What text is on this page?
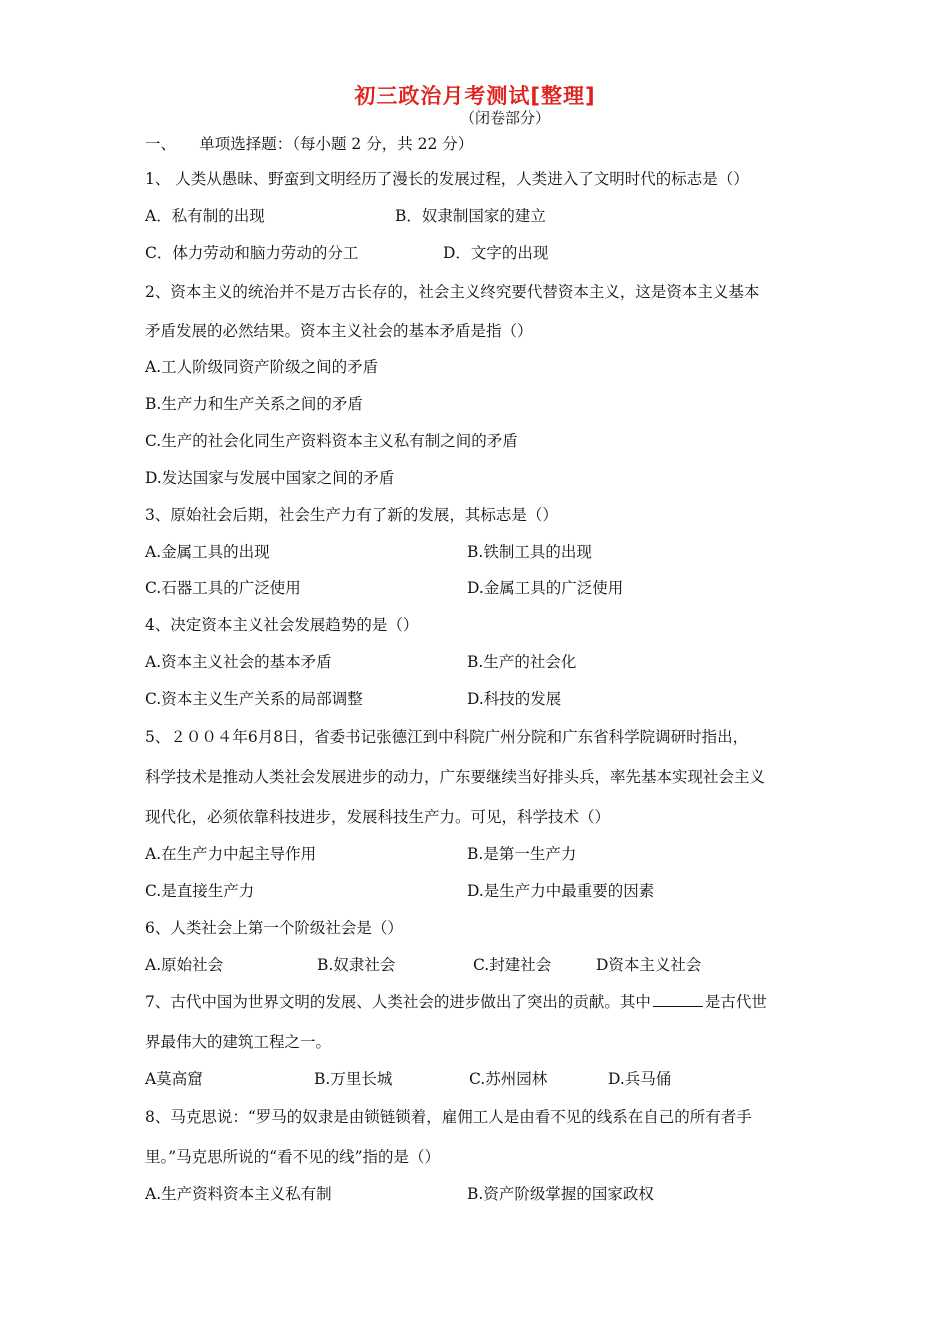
初三政治月考测试[整理]
（闭卷部分）
一、　　单项选择题：（每小题 2 分，共 22 分）
1、 人类从愚昧、野蛮到文明经历了漫长的发展过程，人类进入了文明时代的标志是（）
A．私有制的出现	B．奴隶制国家的建立
C．体力劳动和脑力劳动的分工	D．文字的出现
2、资本主义的统治并不是万古长存的，社会主义终究要代替资本主义，这是资本主义基本
矛盾发展的必然结果。资本主义社会的基本矛盾是指（）
A.工人阶级同资产阶级之间的矛盾
B.生产力和生产关系之间的矛盾
C.生产的社会化同生产资料资本主义私有制之间的矛盾
D.发达国家与发展中国家之间的矛盾
3、原始社会后期，社会生产力有了新的发展，其标志是（）
A.金属工具的出现	B.铁制工具的出现
C.石器工具的广泛使用	D.金属工具的广泛使用
4、决定资本主义社会发展趋势的是（）
A.资本主义社会的基本矛盾	B.生产的社会化
C.资本主义生产关系的局部调整	D.科技的发展
5、２００４年6月8日，省委书记张德江到中科院广州分院和广东省科学院调研时指出，
科学技术是推动人类社会发展进步的动力，广东要继续当好排头兵，率先基本实现社会主义
现代化，必须依靠科技进步，发展科技生产力。可见，科学技术（）
A.在生产力中起主导作用	B.是第一生产力
C.是直接生产力	D.是生产力中最重要的因素
6、人类社会上第一个阶级社会是（）
A.原始社会	B.奴隶社会	C.封建社会	D资本主义社会
7、古代中国为世界文明的发展、人类社会的进步做出了突出的贡献。其中	是古代世
界最伟大的建筑工程之一。
A莫高窟	B.万里长城	C.苏州园林	D.兵马俑
8、马克思说：“罗马的奴隶是由锁链锁着，雇佣工人是由看不见的线系在自己的所有者手
里。”马克思所说的“看不见的线”指的是（）
A.生产资料资本主义私有制	B.资产阶级掌握的国家政权
